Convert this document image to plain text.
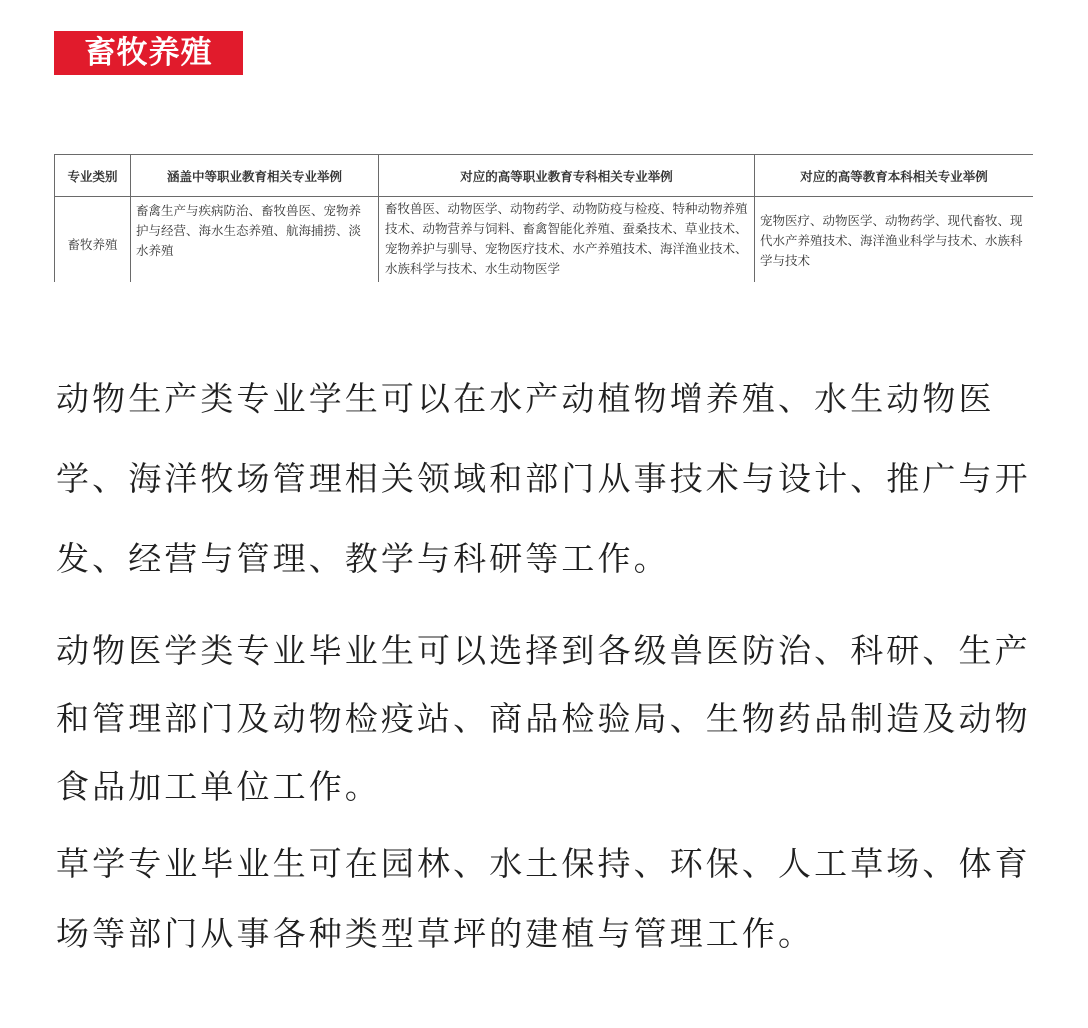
畜牧养殖
专业类别	涵盖中等职业教育相关专业举例	对应的高等职业教育专科相关专业举例	对应的高等教育本科相关专业举例
畜牧养殖	畜禽生产与疾病防治、畜牧兽医、宠物养护与经营、海水生态养殖、航海捕捞、淡水养殖	畜牧兽医、动物医学、动物药学、动物防疫与检疫、特种动物养殖技术、动物营养与饲料、畜禽智能化养殖、蚕桑技术、草业技术、宠物养护与驯导、宠物医疗技术、水产养殖技术、海洋渔业技术、水族科学与技术、水生动物医学	宠物医疗、动物医学、动物药学、现代畜牧、现代水产养殖技术、海洋渔业科学与技术、水族科学与技术

动物生产类专业学生可以在水产动植物增养殖、水生动物医学、海洋牧场管理相关领域和部门从事技术与设计、推广与开发、经营与管理、教学与科研等工作。

动物医学类专业毕业生可以选择到各级兽医防治、科研、生产和管理部门及动物检疫站、商品检验局、生物药品制造及动物食品加工单位工作。

草学专业毕业生可在园林、水土保持、环保、人工草场、体育场等部门从事各种类型草坪的建植与管理工作。
